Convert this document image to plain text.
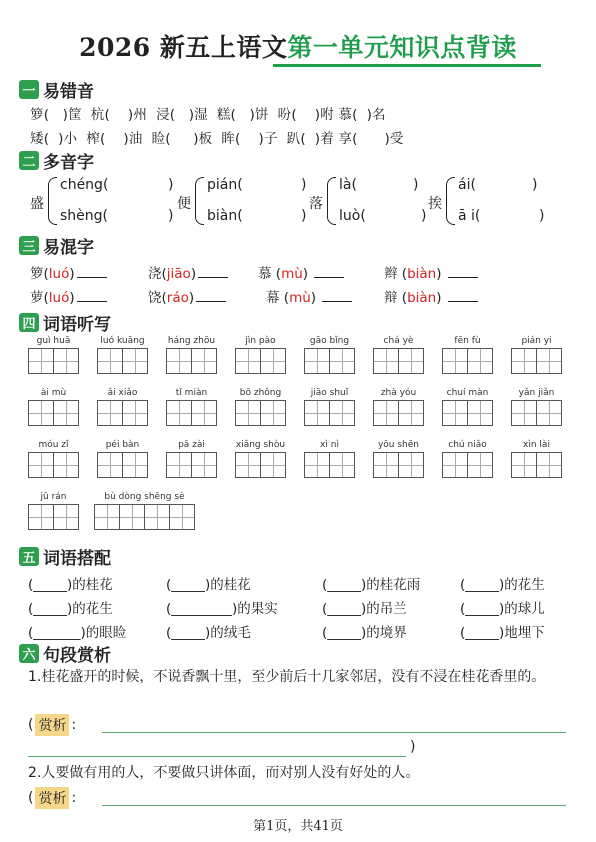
2026 新五上语文第一单元知识点背读
一 易错音
箩(   )筐  杭(    )州  浸(   )湿  糕(   )饼  吩(    )咐 慕(  )名
矮(  )小  榨(    )油  睑(     )板  眸(    )子  趴(  )着 享(      )受
二 多音字
盛
chéng(
shèng(
)
)
便
pián(
biàn(
)
)
落
là(
luò(
)
)
挨
ái(
ā i(
)
)
三 易混字
箩(luó)	浇(jiāo)	慕 (mù)	辫 (biàn)
萝(luó)	饶(ráo)	幕 (mù)	辩 (biàn)
四 词语听写
guì huā	luó kuāng	háng zhōu	jìn pào	gāo bǐng	chá yè	fēn fù	pián yi
ài mù	ǎi xiǎo	tǐ miàn	bō zhǒng	jiāo shuǐ	zhà yóu	chuí màn	yǎn jiǎn
móu zǐ	péi bàn	pā zài	xiǎng shòu	xì nì	yōu shēn	chú niǎo	xìn lài
jǔ rán	bù dòng shēng sè
五 词语搭配
(_____)的桂花	(_____)的桂花	(_____)的桂花雨	(_____)的花生
(_____)的花生	(_________)的果实	(_____)的吊兰	(_____)的球儿
(_______)的眼睑	(_____)的绒毛	(_____)的境界	(_____)地埋下
六 句段赏析
1.桂花盛开的时候，不说香飘十里，至少前后十几家邻居，没有不浸在桂花香里的。
( 赏析 :
)
2.人要做有用的人，不要做只讲体面，而对别人没有好处的人。
( 赏析 :
第1页，共41页
